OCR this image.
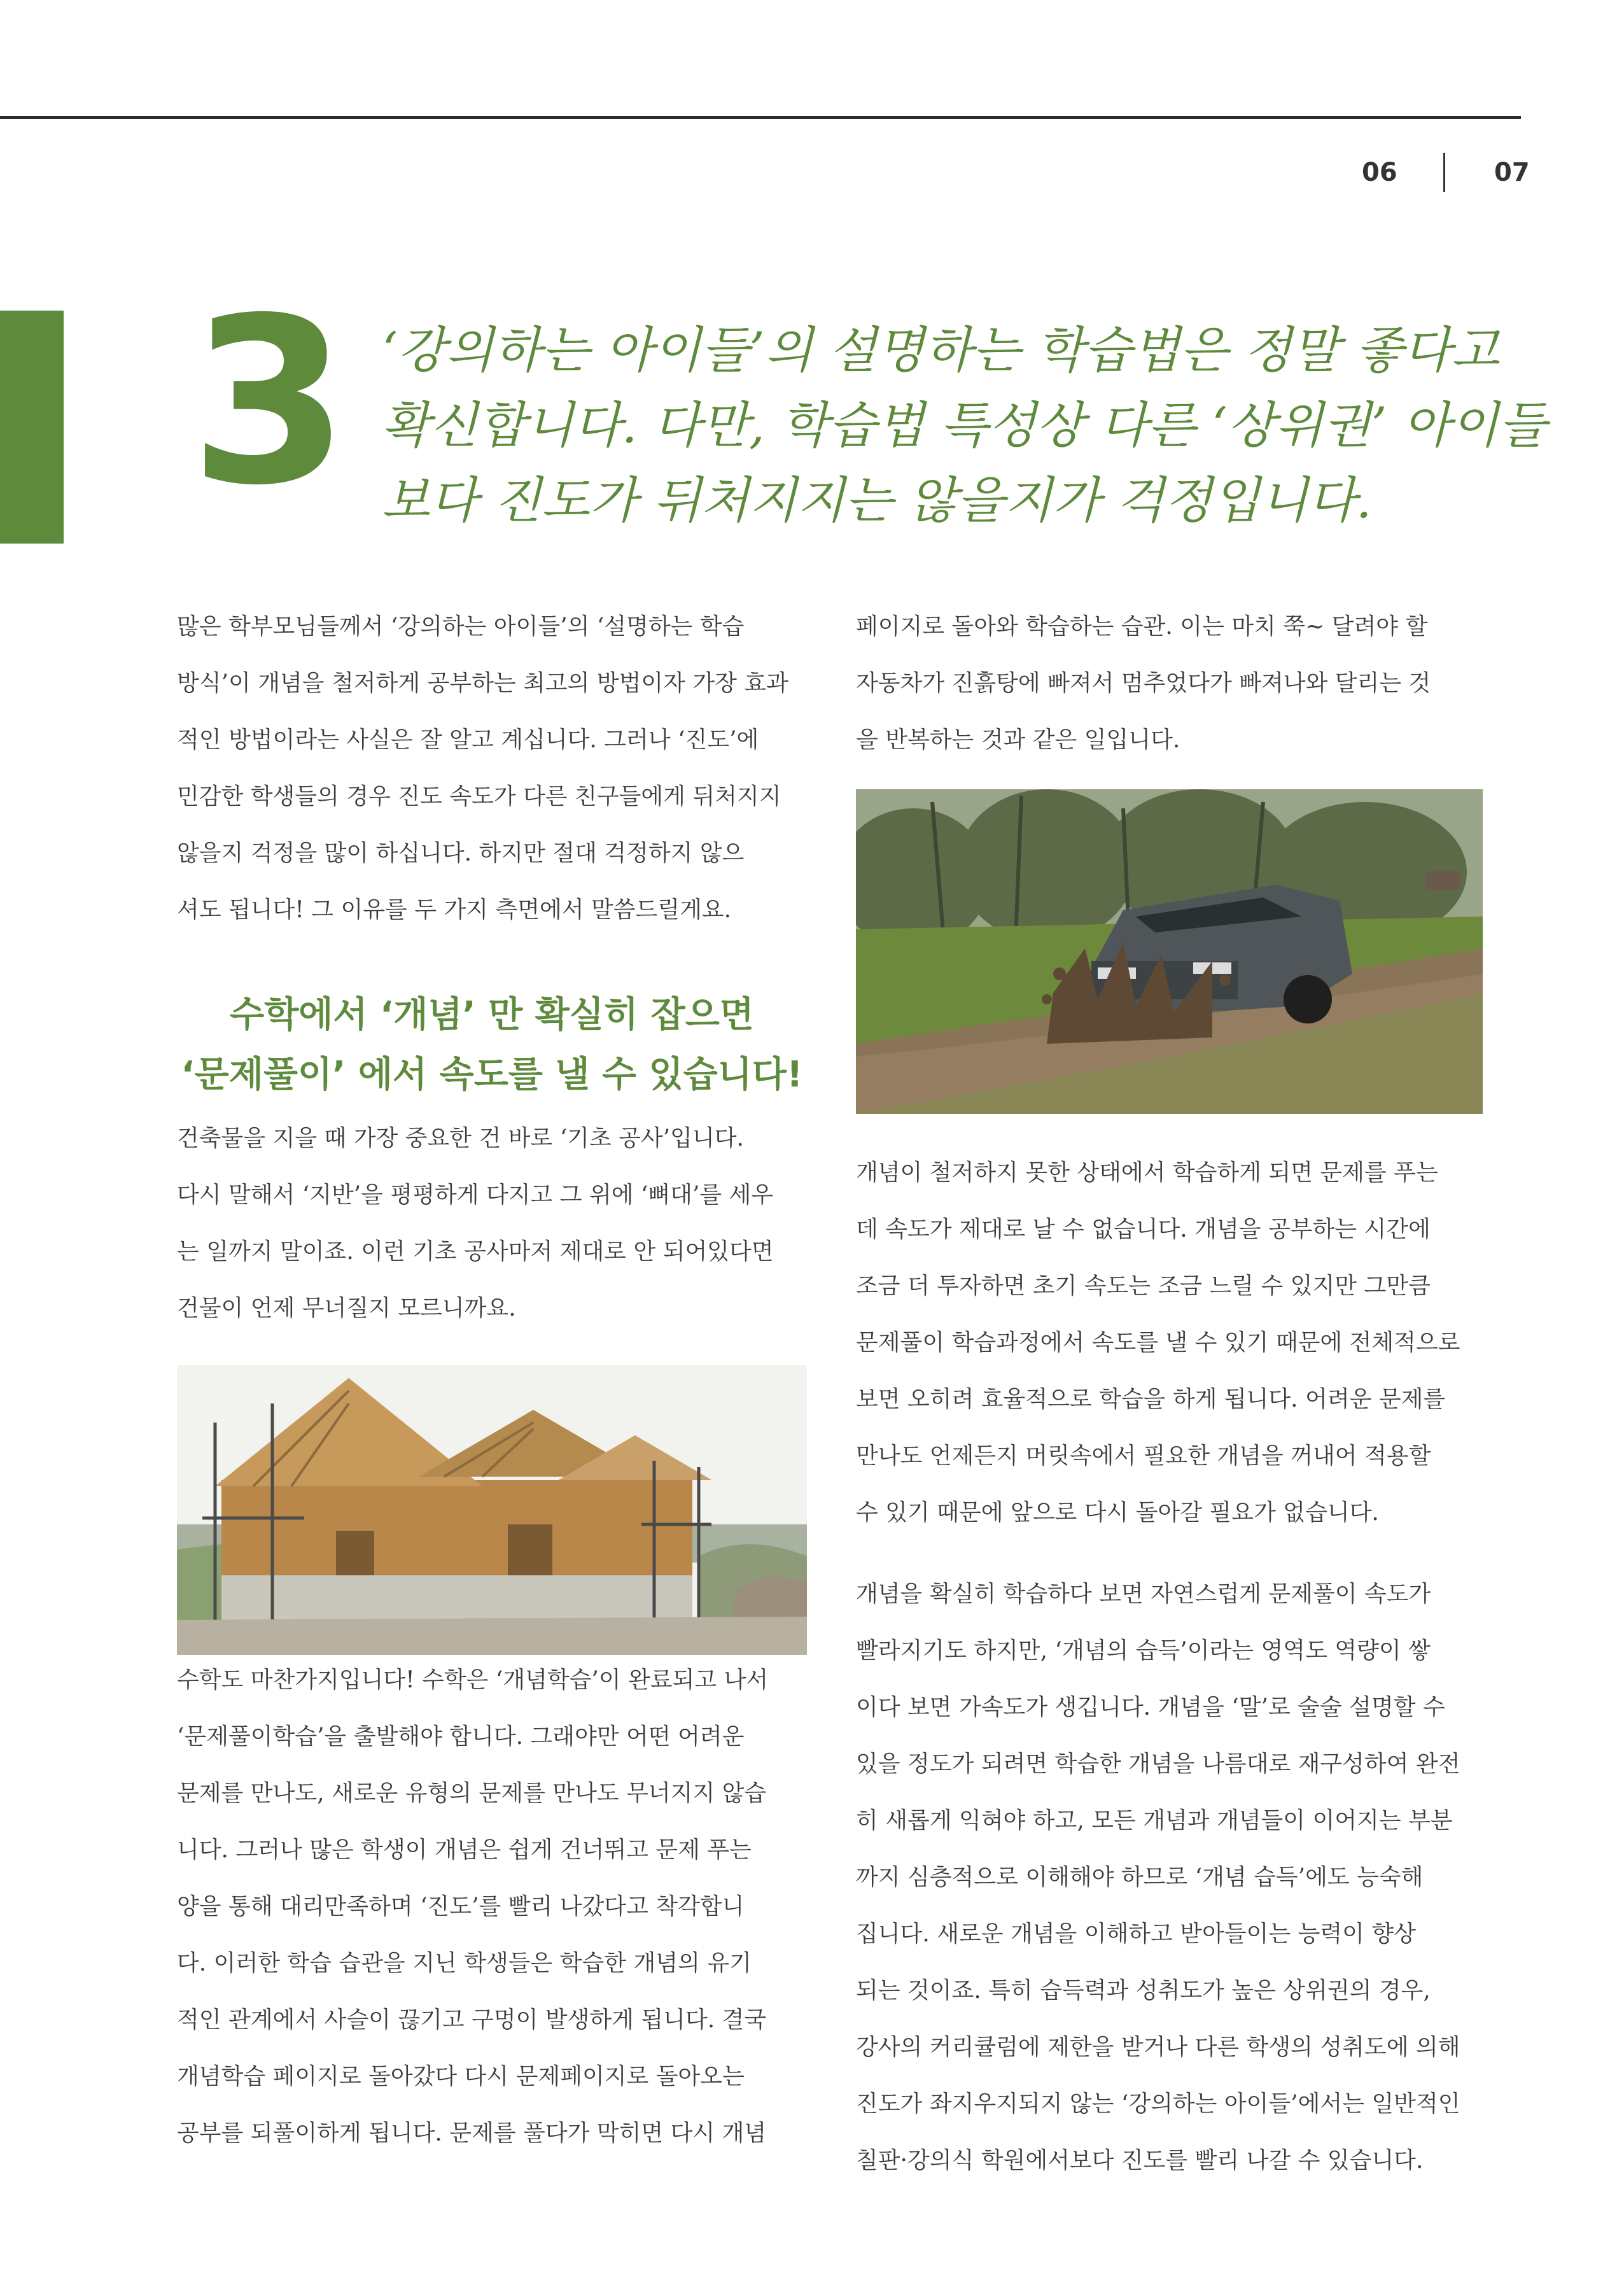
06	07
3 ‘강의하는 아이들’의 설명하는 학습법은 정말 좋다고
확신합니다. 다만, 학습법 특성상 다른 ‘상위권’ 아이들
보다 진도가 뒤처지지는 않을지가 걱정입니다.
많은 학부모님들께서 ‘강의하는 아이들’의 ‘설명하는 학습
방식’이 개념을 철저하게 공부하는 최고의 방법이자 가장 효과
적인 방법이라는 사실은 잘 알고 계십니다. 그러나 ‘진도’에
민감한 학생들의 경우 진도 속도가 다른 친구들에게 뒤처지지
않을지 걱정을 많이 하십니다. 하지만 절대 걱정하지 않으
셔도 됩니다! 그 이유를 두 가지 측면에서 말씀드릴게요.
수학에서 ‘개념’ 만 확실히 잡으면
‘문제풀이’ 에서 속도를 낼 수 있습니다!
건축물을 지을 때 가장 중요한 건 바로 ‘기초 공사’입니다.
다시 말해서 ‘지반’을 평평하게 다지고 그 위에 ‘뼈대’를 세우
는 일까지 말이죠. 이런 기초 공사마저 제대로 안 되어있다면
건물이 언제 무너질지 모르니까요.
수학도 마찬가지입니다! 수학은 ‘개념학습’이 완료되고 나서
‘문제풀이학습’을 출발해야 합니다. 그래야만 어떤 어려운
문제를 만나도, 새로운 유형의 문제를 만나도 무너지지 않습
니다. 그러나 많은 학생이 개념은 쉽게 건너뛰고 문제 푸는
양을 통해 대리만족하며 ‘진도’를 빨리 나갔다고 착각합니
다. 이러한 학습 습관을 지닌 학생들은 학습한 개념의 유기
적인 관계에서 사슬이 끊기고 구멍이 발생하게 됩니다. 결국
개념학습 페이지로 돌아갔다 다시 문제페이지로 돌아오는
공부를 되풀이하게 됩니다. 문제를 풀다가 막히면 다시 개념
페이지로 돌아와 학습하는 습관. 이는 마치 쭉~ 달려야 할
자동차가 진흙탕에 빠져서 멈추었다가 빠져나와 달리는 것
을 반복하는 것과 같은 일입니다.
개념이 철저하지 못한 상태에서 학습하게 되면 문제를 푸는
데 속도가 제대로 날 수 없습니다. 개념을 공부하는 시간에
조금 더 투자하면 초기 속도는 조금 느릴 수 있지만 그만큼
문제풀이 학습과정에서 속도를 낼 수 있기 때문에 전체적으로
보면 오히려 효율적으로 학습을 하게 됩니다. 어려운 문제를
만나도 언제든지 머릿속에서 필요한 개념을 꺼내어 적용할
수 있기 때문에 앞으로 다시 돌아갈 필요가 없습니다.
개념을 확실히 학습하다 보면 자연스럽게 문제풀이 속도가
빨라지기도 하지만, ‘개념의 습득’이라는 영역도 역량이 쌓
이다 보면 가속도가 생깁니다. 개념을 ‘말’로 술술 설명할 수
있을 정도가 되려면 학습한 개념을 나름대로 재구성하여 완전
히 새롭게 익혀야 하고, 모든 개념과 개념들이 이어지는 부분
까지 심층적으로 이해해야 하므로 ‘개념 습득’에도 능숙해
집니다. 새로운 개념을 이해하고 받아들이는 능력이 향상
되는 것이죠. 특히 습득력과 성취도가 높은 상위권의 경우,
강사의 커리큘럼에 제한을 받거나 다른 학생의 성취도에 의해
진도가 좌지우지되지 않는 ‘강의하는 아이들’에서는 일반적인
칠판·강의식 학원에서보다 진도를 빨리 나갈 수 있습니다.
